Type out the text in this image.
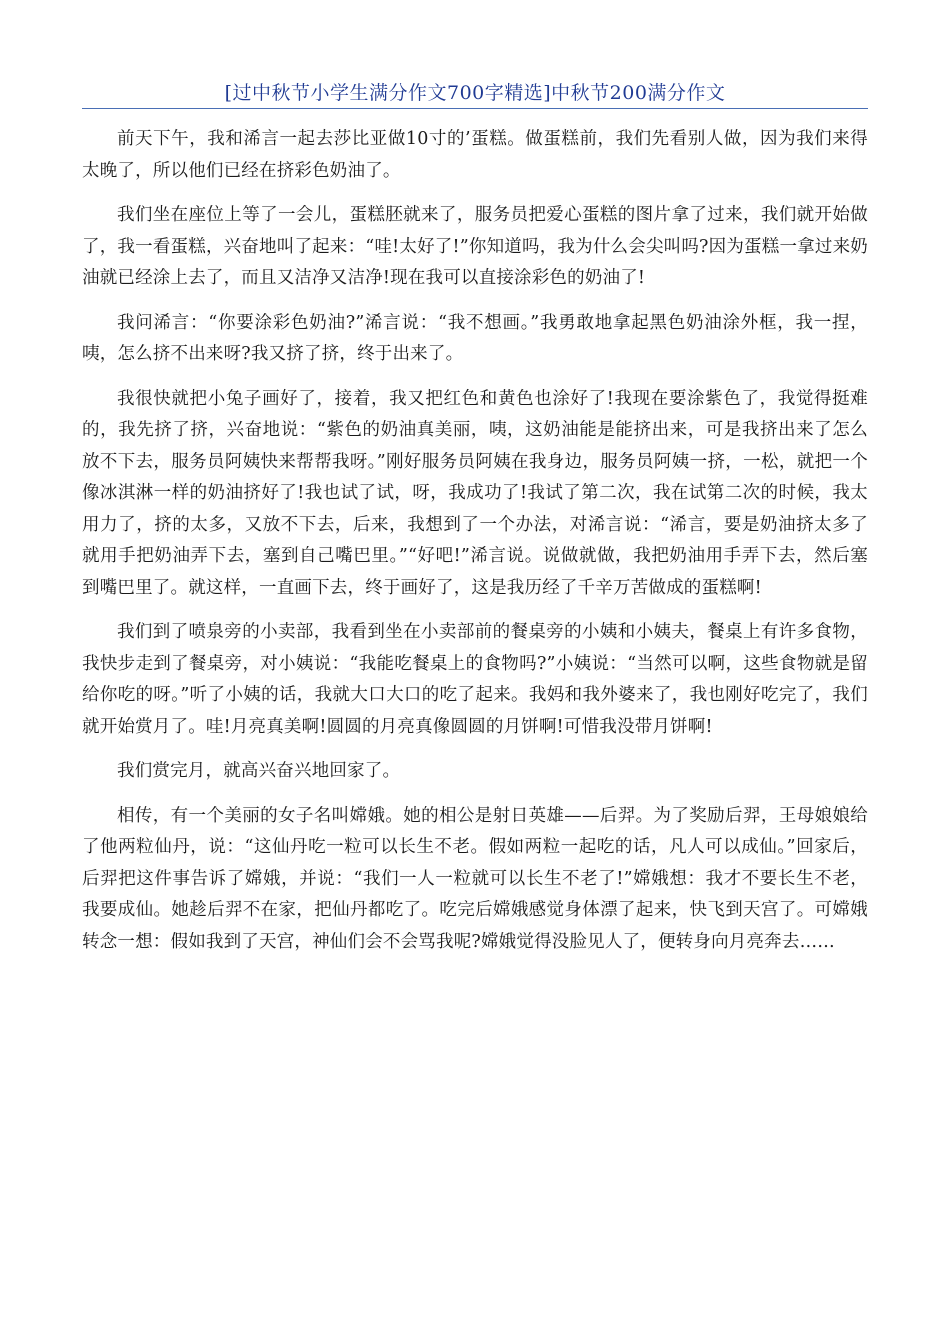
[过中秋节小学生满分作文700字精选]中秋节200满分作文

前天下午，我和浠言一起去莎比亚做10寸的’蛋糕。做蛋糕前，我们先看别人做，因为我们来得太晚了，所以他们已经在挤彩色奶油了。

我们坐在座位上等了一会儿，蛋糕胚就来了，服务员把爱心蛋糕的图片拿了过来，我们就开始做了，我一看蛋糕，兴奋地叫了起来：“哇!太好了!”你知道吗，我为什么会尖叫吗?因为蛋糕一拿过来奶油就已经涂上去了，而且又洁净又洁净!现在我可以直接涂彩色的奶油了!

我问浠言：“你要涂彩色奶油?”浠言说：“我不想画。”我勇敢地拿起黑色奶油涂外框，我一捏，咦，怎么挤不出来呀?我又挤了挤，终于出来了。

我很快就把小兔子画好了，接着，我又把红色和黄色也涂好了!我现在要涂紫色了，我觉得挺难的，我先挤了挤，兴奋地说：“紫色的奶油真美丽，咦，这奶油能是能挤出来，可是我挤出来了怎么放不下去，服务员阿姨快来帮帮我呀。”刚好服务员阿姨在我身边，服务员阿姨一挤，一松，就把一个像冰淇淋一样的奶油挤好了!我也试了试，呀，我成功了!我试了第二次，我在试第二次的时候，我太用力了，挤的太多，又放不下去，后来，我想到了一个办法，对浠言说：“浠言，要是奶油挤太多了就用手把奶油弄下去，塞到自己嘴巴里。”“好吧!”浠言说。说做就做，我把奶油用手弄下去，然后塞到嘴巴里了。就这样，一直画下去，终于画好了，这是我历经了千辛万苦做成的蛋糕啊!

我们到了喷泉旁的小卖部，我看到坐在小卖部前的餐桌旁的小姨和小姨夫，餐桌上有许多食物，我快步走到了餐桌旁，对小姨说：“我能吃餐桌上的食物吗?”小姨说：“当然可以啊，这些食物就是留给你吃的呀。”听了小姨的话，我就大口大口的吃了起来。我妈和我外婆来了，我也刚好吃完了，我们就开始赏月了。哇!月亮真美啊!圆圆的月亮真像圆圆的月饼啊!可惜我没带月饼啊!

我们赏完月，就高兴奋兴地回家了。

相传，有一个美丽的女子名叫嫦娥。她的相公是射日英雄——后羿。为了奖励后羿，王母娘娘给了他两粒仙丹，说：“这仙丹吃一粒可以长生不老。假如两粒一起吃的话，凡人可以成仙。”回家后，后羿把这件事告诉了嫦娥，并说：“我们一人一粒就可以长生不老了!”嫦娥想：我才不要长生不老，我要成仙。她趁后羿不在家，把仙丹都吃了。吃完后嫦娥感觉身体漂了起来，快飞到天宫了。可嫦娥转念一想：假如我到了天宫，神仙们会不会骂我呢?嫦娥觉得没脸见人了，便转身向月亮奔去……
